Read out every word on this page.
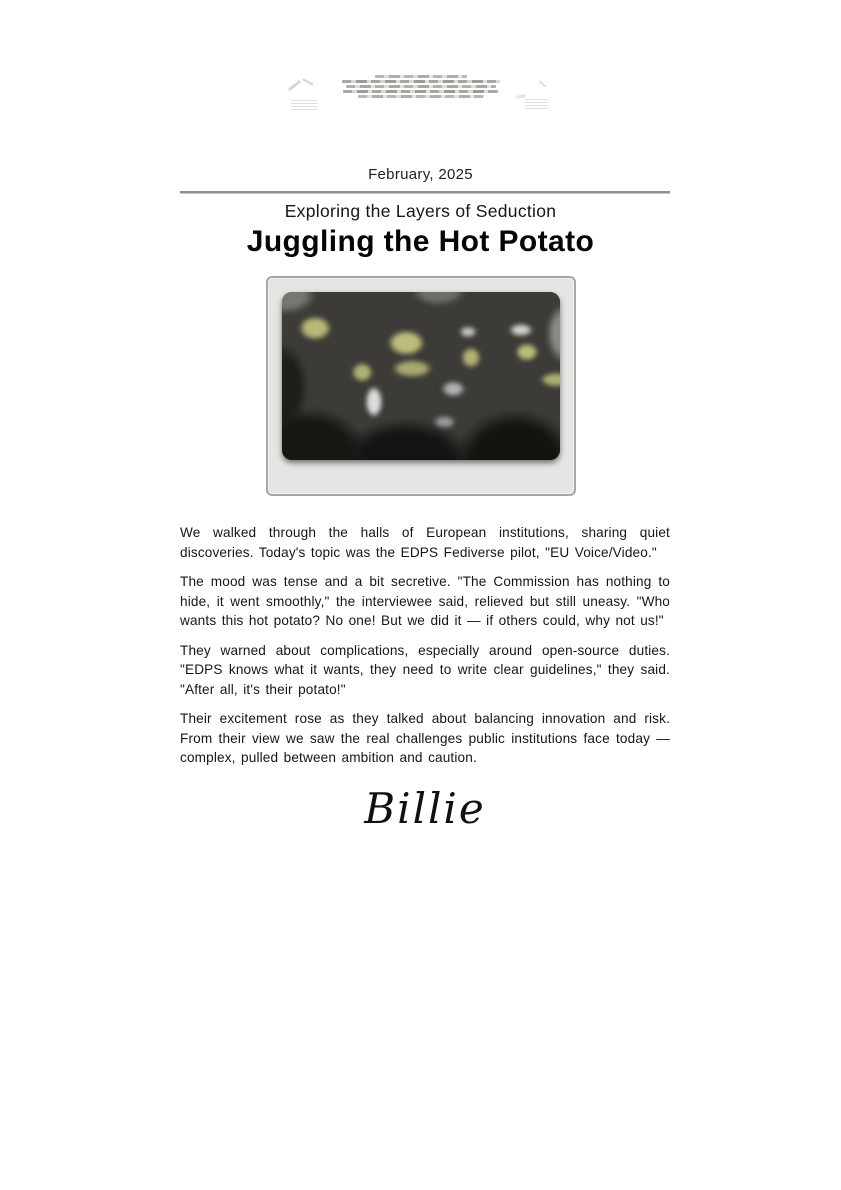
February, 2025
Exploring the Layers of Seduction
Juggling the Hot Potato

We walked through the halls of European institutions, sharing quiet discoveries. Today's topic was the EDPS Fediverse pilot, "EU Voice/Video."

The mood was tense and a bit secretive. "The Commission has nothing to hide, it went smoothly," the interviewee said, relieved but still uneasy. "Who wants this hot potato? No one! But we did it — if others could, why not us!"

They warned about complications, especially around open-source duties. "EDPS knows what it wants, they need to write clear guidelines," they said. "After all, it's their potato!"

Their excitement rose as they talked about balancing innovation and risk. From their view we saw the real challenges public institutions face today — complex, pulled between ambition and caution.

Billie
